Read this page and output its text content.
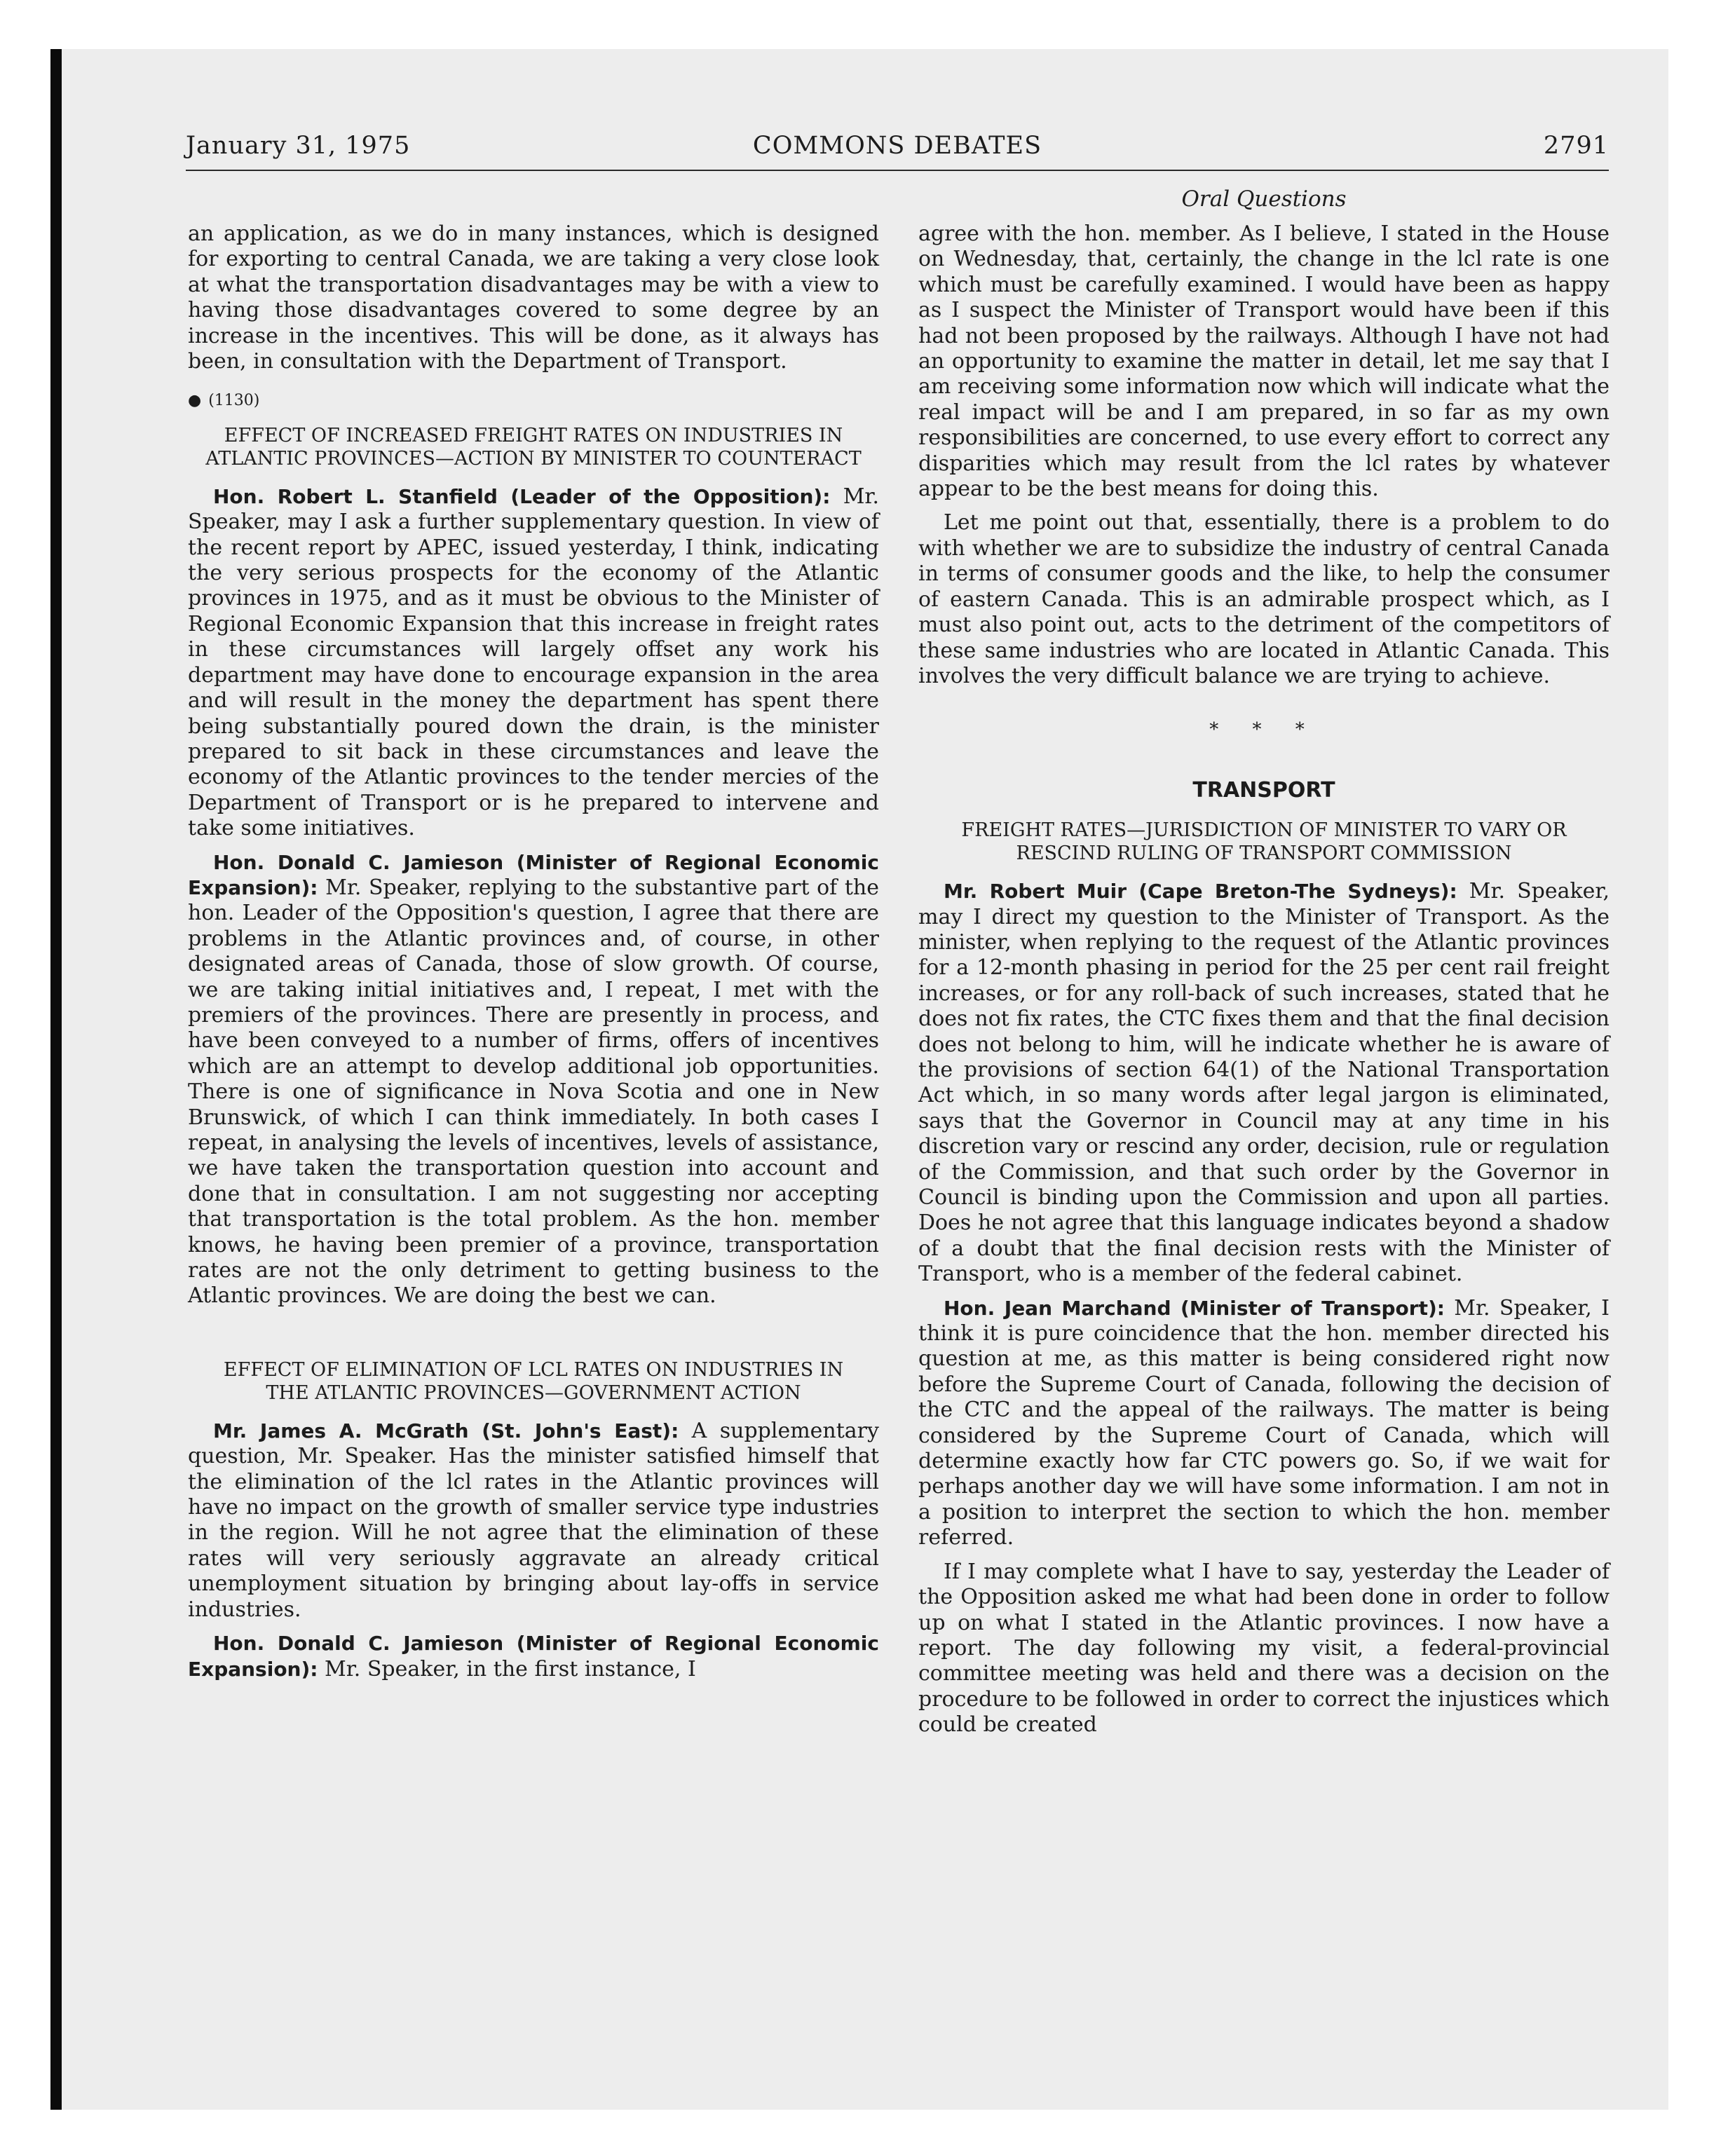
January 31, 1975	COMMONS DEBATES	2791

an application, as we do in many instances, which is designed for exporting to central Canada, we are taking a very close look at what the transportation disadvantages may be with a view to having those disadvantages covered to some degree by an increase in the incentives. This will be done, as it always has been, in consultation with the Department of Transport.

● (1130)
EFFECT OF INCREASED FREIGHT RATES ON INDUSTRIES IN ATLANTIC PROVINCES—ACTION BY MINISTER TO COUNTERACT

Hon. Robert L. Stanfield (Leader of the Opposition): Mr. Speaker, may I ask a further supplementary question. In view of the recent report by APEC, issued yesterday, I think, indicating the very serious prospects for the economy of the Atlantic provinces in 1975, and as it must be obvious to the Minister of Regional Economic Expansion that this increase in freight rates in these circumstances will largely offset any work his department may have done to encourage expansion in the area and will result in the money the department has spent there being substantially poured down the drain, is the minister prepared to sit back in these circumstances and leave the economy of the Atlantic provinces to the tender mercies of the Department of Transport or is he prepared to intervene and take some initiatives.

Hon. Donald C. Jamieson (Minister of Regional Economic Expansion): Mr. Speaker, replying to the substantive part of the hon. Leader of the Opposition's question, I agree that there are problems in the Atlantic provinces and, of course, in other designated areas of Canada, those of slow growth. Of course, we are taking initial initiatives and, I repeat, I met with the premiers of the provinces. There are presently in process, and have been conveyed to a number of firms, offers of incentives which are an attempt to develop additional job opportunities. There is one of significance in Nova Scotia and one in New Brunswick, of which I can think immediately. In both cases I repeat, in analysing the levels of incentives, levels of assistance, we have taken the transportation question into account and done that in consultation. I am not suggesting nor accepting that transportation is the total problem. As the hon. member knows, he having been premier of a province, transportation rates are not the only detriment to getting business to the Atlantic provinces. We are doing the best we can.

EFFECT OF ELIMINATION OF LCL RATES ON INDUSTRIES IN THE ATLANTIC PROVINCES—GOVERNMENT ACTION

Mr. James A. McGrath (St. John's East): A supplementary question, Mr. Speaker. Has the minister satisfied himself that the elimination of the lcl rates in the Atlantic provinces will have no impact on the growth of smaller service type industries in the region. Will he not agree that the elimination of these rates will very seriously aggravate an already critical unemployment situation by bringing about lay-offs in service industries.

Hon. Donald C. Jamieson (Minister of Regional Economic Expansion): Mr. Speaker, in the first instance, I

Oral Questions

agree with the hon. member. As I believe, I stated in the House on Wednesday, that, certainly, the change in the lcl rate is one which must be carefully examined. I would have been as happy as I suspect the Minister of Transport would have been if this had not been proposed by the railways. Although I have not had an opportunity to examine the matter in detail, let me say that I am receiving some information now which will indicate what the real impact will be and I am prepared, in so far as my own responsibilities are concerned, to use every effort to correct any disparities which may result from the lcl rates by whatever appear to be the best means for doing this.

Let me point out that, essentially, there is a problem to do with whether we are to subsidize the industry of central Canada in terms of consumer goods and the like, to help the consumer of eastern Canada. This is an admirable prospect which, as I must also point out, acts to the detriment of the competitors of these same industries who are located in Atlantic Canada. This involves the very difficult balance we are trying to achieve.

* * *
TRANSPORT
FREIGHT RATES—JURISDICTION OF MINISTER TO VARY OR RESCIND RULING OF TRANSPORT COMMISSION

Mr. Robert Muir (Cape Breton-The Sydneys): Mr. Speaker, may I direct my question to the Minister of Transport. As the minister, when replying to the request of the Atlantic provinces for a 12-month phasing in period for the 25 per cent rail freight increases, or for any roll-back of such increases, stated that he does not fix rates, the CTC fixes them and that the final decision does not belong to him, will he indicate whether he is aware of the provisions of section 64(1) of the National Transportation Act which, in so many words after legal jargon is eliminated, says that the Governor in Council may at any time in his discretion vary or rescind any order, decision, rule or regulation of the Commission, and that such order by the Governor in Council is binding upon the Commission and upon all parties. Does he not agree that this language indicates beyond a shadow of a doubt that the final decision rests with the Minister of Transport, who is a member of the federal cabinet.

Hon. Jean Marchand (Minister of Transport): Mr. Speaker, I think it is pure coincidence that the hon. member directed his question at me, as this matter is being considered right now before the Supreme Court of Canada, following the decision of the CTC and the appeal of the railways. The matter is being considered by the Supreme Court of Canada, which will determine exactly how far CTC powers go. So, if we wait for perhaps another day we will have some information. I am not in a position to interpret the section to which the hon. member referred.

If I may complete what I have to say, yesterday the Leader of the Opposition asked me what had been done in order to follow up on what I stated in the Atlantic provinces. I now have a report. The day following my visit, a federal-provincial committee meeting was held and there was a decision on the procedure to be followed in order to correct the injustices which could be created
